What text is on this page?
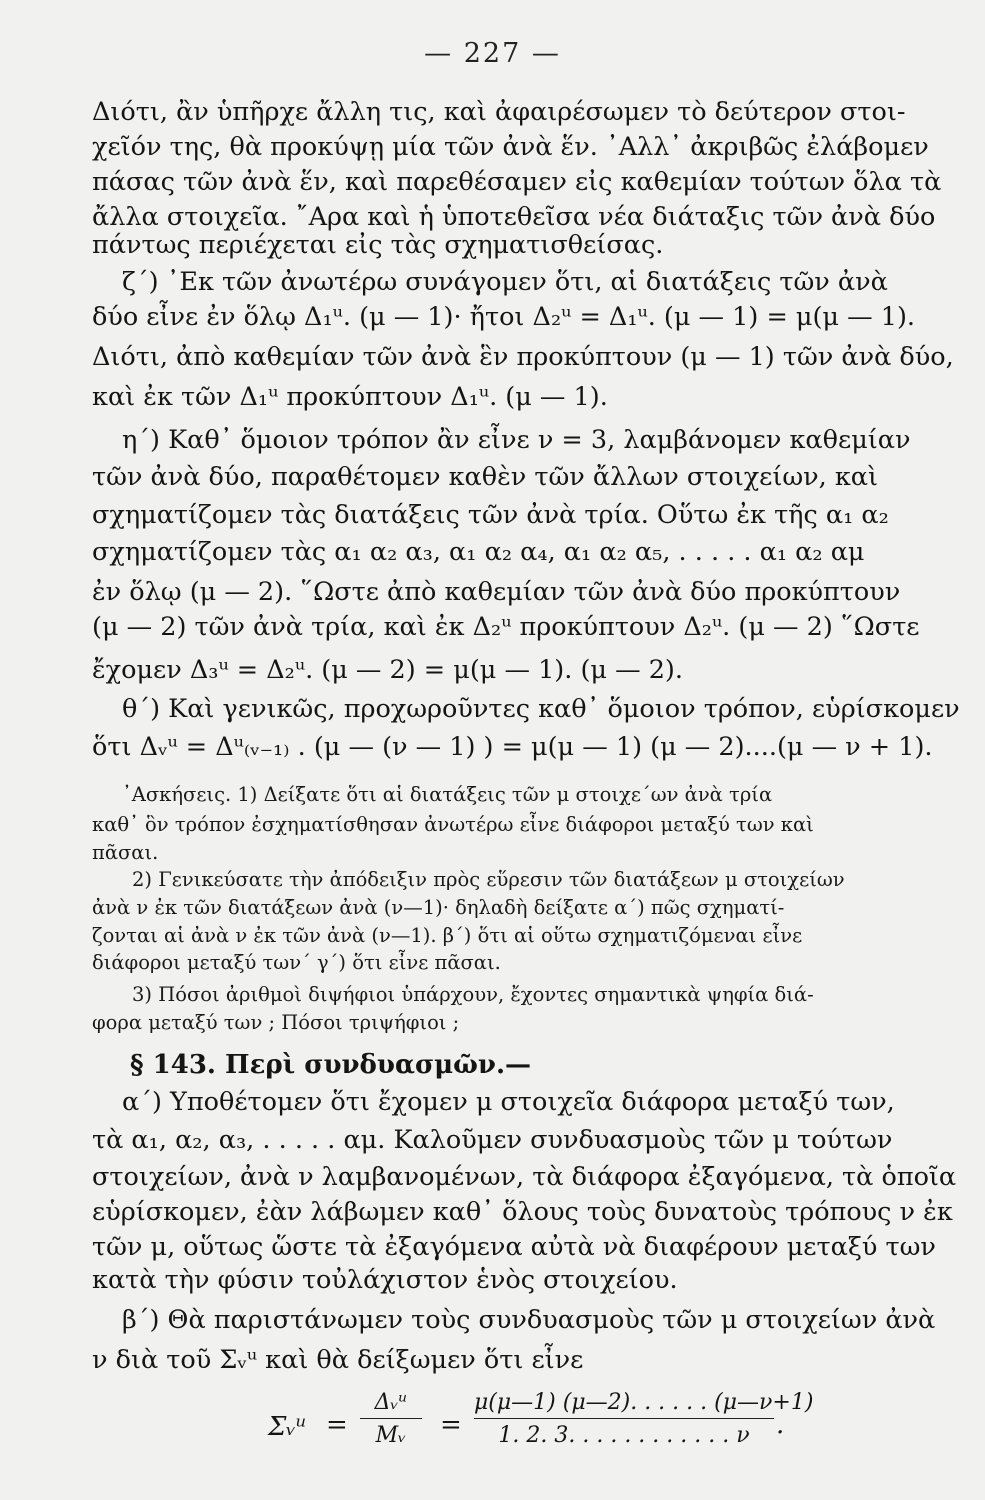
— 227 —
Διότι, ἂν ὑπῆρχε ἄλλη τις, καὶ ἀφαιρέσωμεν τὸ δεύτερον στοι-
χεῖόν της, θὰ προκύψῃ μία τῶν ἀνὰ ἕν. ᾿Αλλ᾿ ἀκριβῶς ἐλάβομεν
πάσας τῶν ἀνὰ ἕν, καὶ παρεθέσαμεν εἰς καθεμίαν τούτων ὅλα τὰ
ἄλλα στοιχεῖα. ῎Αρα καὶ ἡ ὑποτεθεῖσα νέα διάταξις τῶν ἀνὰ δύο
πάντως περιέχεται εἰς τὰς σχηματισθείσας.
ζ΄) ᾿Εκ τῶν ἀνωτέρω συνάγομεν ὅτι, αἱ διατάξεις τῶν ἀνὰ
δύο εἶνε ἐν ὅλῳ Δ₁ᵘ. (μ — 1)· ἤτοι Δ₂ᵘ = Δ₁ᵘ. (μ — 1) = μ(μ — 1).
Διότι, ἀπὸ καθεμίαν τῶν ἀνὰ ἓν προκύπτουν (μ — 1) τῶν ἀνὰ δύο,
καὶ ἐκ τῶν Δ₁ᵘ προκύπτουν Δ₁ᵘ. (μ — 1).
η΄) Καθ᾿ ὅμοιον τρόπον ἂν εἶνε ν = 3, λαμβάνομεν καθεμίαν
τῶν ἀνὰ δύο, παραθέτομεν καθὲν τῶν ἄλλων στοιχείων, καὶ
σχηματίζομεν τὰς διατάξεις τῶν ἀνὰ τρία. Οὕτω ἐκ τῆς α₁ α₂
σχηματίζομεν τὰς α₁ α₂ α₃, α₁ α₂ α₄, α₁ α₂ α₅, . . . . . α₁ α₂ αμ
ἐν ὅλῳ (μ — 2). ῞Ωστε ἀπὸ καθεμίαν τῶν ἀνὰ δύο προκύπτουν
(μ — 2) τῶν ἀνὰ τρία, καὶ ἐκ Δ₂ᵘ προκύπτουν Δ₂ᵘ. (μ — 2) ῞Ωστε
ἔχομεν Δ₃ᵘ = Δ₂ᵘ. (μ — 2) = μ(μ — 1). (μ — 2).
θ΄) Καὶ γενικῶς, προχωροῦντες καθ᾿ ὅμοιον τρόπον, εὑρίσκομεν
ὅτι Δᵥᵘ = Δᵘ₍ᵥ₋₁₎ . (μ — (ν — 1) ) = μ(μ — 1) (μ — 2)....(μ — ν + 1).
᾿Ασκήσεις. 1) Δείξατε ὅτι αἱ διατάξεις τῶν μ στοιχε΄ων ἀνὰ τρία
καθ᾿ ὃν τρόπον ἐσχηματίσθησαν ἀνωτέρω εἶνε διάφοροι μεταξύ των καὶ
πᾶσαι.
2) Γενικεύσατε τὴν ἀπόδειξιν πρὸς εὕρεσιν τῶν διατάξεων μ στοιχείων
ἀνὰ ν ἐκ τῶν διατάξεων ἀνὰ (ν—1)· δηλαδὴ δείξατε α΄) πῶς σχηματί-
ζονται αἱ ἀνὰ ν ἐκ τῶν ἀνὰ (ν—1). β΄) ὅτι αἱ οὕτω σχηματιζόμεναι εἶνε
διάφοροι μεταξύ των΄ γ΄) ὅτι εἶνε πᾶσαι.
3) Πόσοι ἀριθμοὶ διψήφιοι ὑπάρχουν, ἔχοντες σημαντικὰ ψηφία διά-
φορα μεταξύ των ; Πόσοι τριψήφιοι ;
§ 143. Περὶ συνδυασμῶν.—
α΄) Υποθέτομεν ὅτι ἔχομεν μ στοιχεῖα διάφορα μεταξύ των,
τὰ α₁, α₂, α₃, . . . . . αμ. Καλοῦμεν συνδυασμοὺς τῶν μ τούτων
στοιχείων, ἀνὰ ν λαμβανομένων, τὰ διάφορα ἐξαγόμενα, τὰ ὁποῖα
εὑρίσκομεν, ἐὰν λάβωμεν καθ᾿ ὅλους τοὺς δυνατοὺς τρόπους ν ἐκ
τῶν μ, οὕτως ὥστε τὰ ἐξαγόμενα αὐτὰ νὰ διαφέρουν μεταξύ των
κατὰ τὴν φύσιν τοὐλάχιστον ἑνὸς στοιχείου.
β΄) Θὰ παριστάνωμεν τοὺς συνδυασμοὺς τῶν μ στοιχείων ἀνὰ
ν διὰ τοῦ Σᵥᵘ καὶ θὰ δείξωμεν ὅτι εἶνε
Σᵥᵘ =
Δᵥᵘ
Mᵥ	= $\frac{\mu(\mu—1) (\mu—2). . . . . . (\mu—\nu+1)}{1. 2. 3. . . . . . . . . . . . \nu}$ .
